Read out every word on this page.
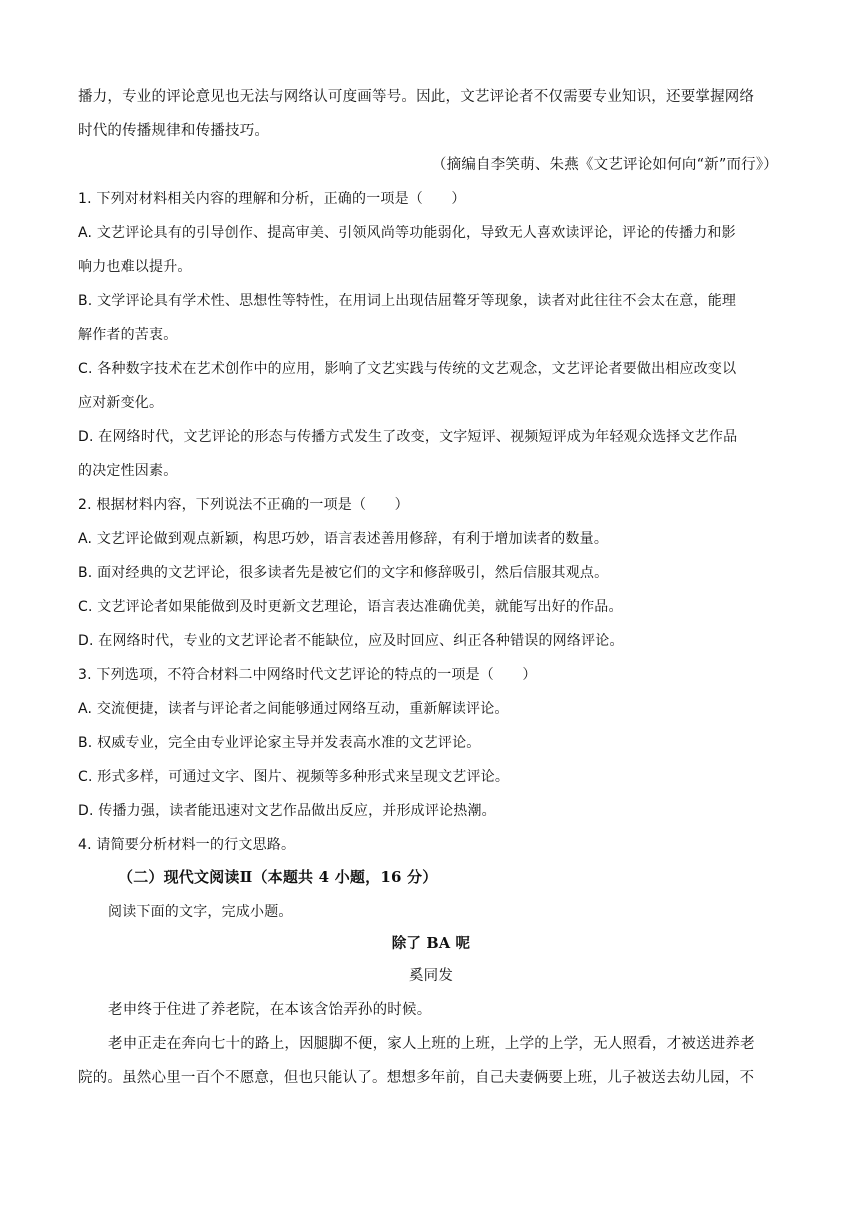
播力，专业的评论意见也无法与网络认可度画等号。因此，文艺评论者不仅需要专业知识，还要掌握网络
时代的传播规律和传播技巧。
（摘编自李笑萌、朱燕《文艺评论如何向“新”而行》）
1. 下列对材料相关内容的理解和分析，正确的一项是（　　）
A. 文艺评论具有的引导创作、提高审美、引领风尚等功能弱化，导致无人喜欢读评论，评论的传播力和影
响力也难以提升。
B. 文学评论具有学术性、思想性等特性，在用词上出现佶屈聱牙等现象，读者对此往往不会太在意，能理
解作者的苦衷。
C. 各种数字技术在艺术创作中的应用，影响了文艺实践与传统的文艺观念，文艺评论者要做出相应改变以
应对新变化。
D. 在网络时代，文艺评论的形态与传播方式发生了改变，文字短评、视频短评成为年轻观众选择文艺作品
的决定性因素。
2. 根据材料内容，下列说法不正确的一项是（　　）
A. 文艺评论做到观点新颖，构思巧妙，语言表述善用修辞，有利于增加读者的数量。
B. 面对经典的文艺评论，很多读者先是被它们的文字和修辞吸引，然后信服其观点。
C. 文艺评论者如果能做到及时更新文艺理论，语言表达准确优美，就能写出好的作品。
D. 在网络时代，专业的文艺评论者不能缺位，应及时回应、纠正各种错误的网络评论。
3. 下列选项，不符合材料二中网络时代文艺评论的特点的一项是（　　）
A. 交流便捷，读者与评论者之间能够通过网络互动，重新解读评论。
B. 权威专业，完全由专业评论家主导并发表高水准的文艺评论。
C. 形式多样，可通过文字、图片、视频等多种形式来呈现文艺评论。
D. 传播力强，读者能迅速对文艺作品做出反应，并形成评论热潮。
4. 请简要分析材料一的行文思路。
（二）现代文阅读Ⅱ（本题共 4 小题，16 分）
阅读下面的文字，完成小题。
除了 BA 呢
奚同发
老申终于住进了养老院，在本该含饴弄孙的时候。
老申正走在奔向七十的路上，因腿脚不便，家人上班的上班，上学的上学，无人照看，才被送进养老
院的。虽然心里一百个不愿意，但也只能认了。想想多年前，自己夫妻俩要上班，儿子被送去幼儿园，不
